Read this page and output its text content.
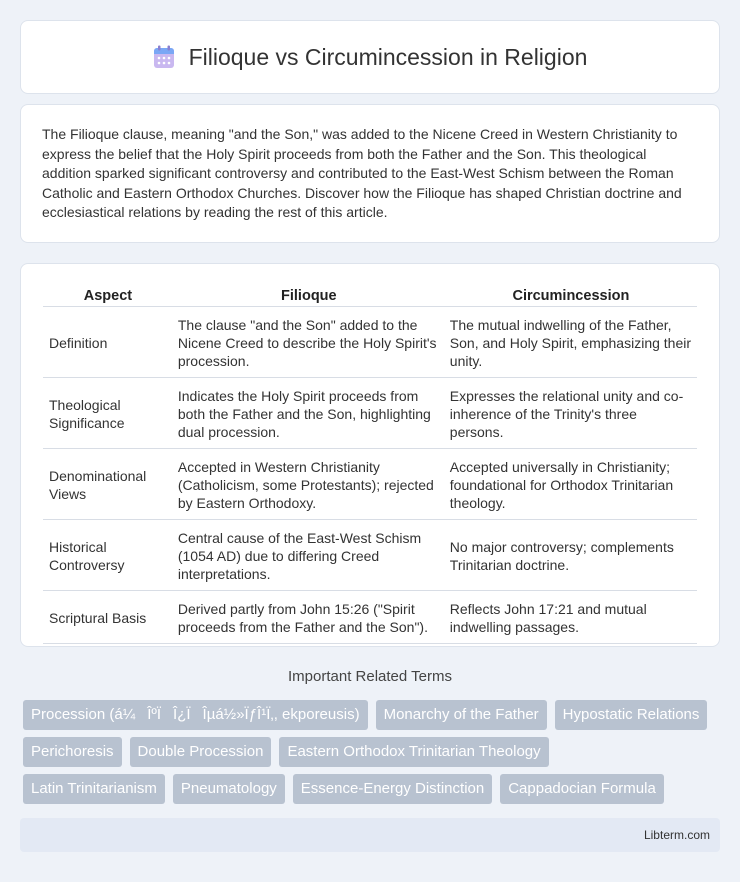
Filioque vs Circumincession in Religion

The Filioque clause, meaning "and the Son," was added to the Nicene Creed in Western Christianity to express the belief that the Holy Spirit proceeds from both the Father and the Son. This theological addition sparked significant controversy and contributed to the East-West Schism between the Roman Catholic and Eastern Orthodox Churches. Discover how the Filioque has shaped Christian doctrine and ecclesiastical relations by reading the rest of this article.

Aspect	Filioque	Circumincession
Definition	The clause "and the Son" added to the Nicene Creed to describe the Holy Spirit's procession.	The mutual indwelling of the Father, Son, and Holy Spirit, emphasizing their unity.
Theological Significance	Indicates the Holy Spirit proceeds from both the Father and the Son, highlighting dual procession.	Expresses the relational unity and co-inherence of the Trinity's three persons.
Denominational Views	Accepted in Western Christianity (Catholicism, some Protestants); rejected by Eastern Orthodoxy.	Accepted universally in Christianity; foundational for Orthodox Trinitarian theology.
Historical Controversy	Central cause of the East-West Schism (1054 AD) due to differing Creed interpretations.	No major controversy; complements Trinitarian doctrine.
Scriptural Basis	Derived partly from John 15:26 ("Spirit proceeds from the Father and the Son").	Reflects John 17:21 and mutual indwelling passages.
Important Related Terms
Procession (á¼ÎºÏÎ¿ÏÎµá½»ÏƒÎ¹Ï‚, ekporeusis)	Monarchy of the Father	Hypostatic Relations
Perichoresis	Double Procession	Eastern Orthodox Trinitarian Theology
Latin Trinitarianism	Pneumatology	Essence-Energy Distinction	Cappadocian Formula
Libterm.com
